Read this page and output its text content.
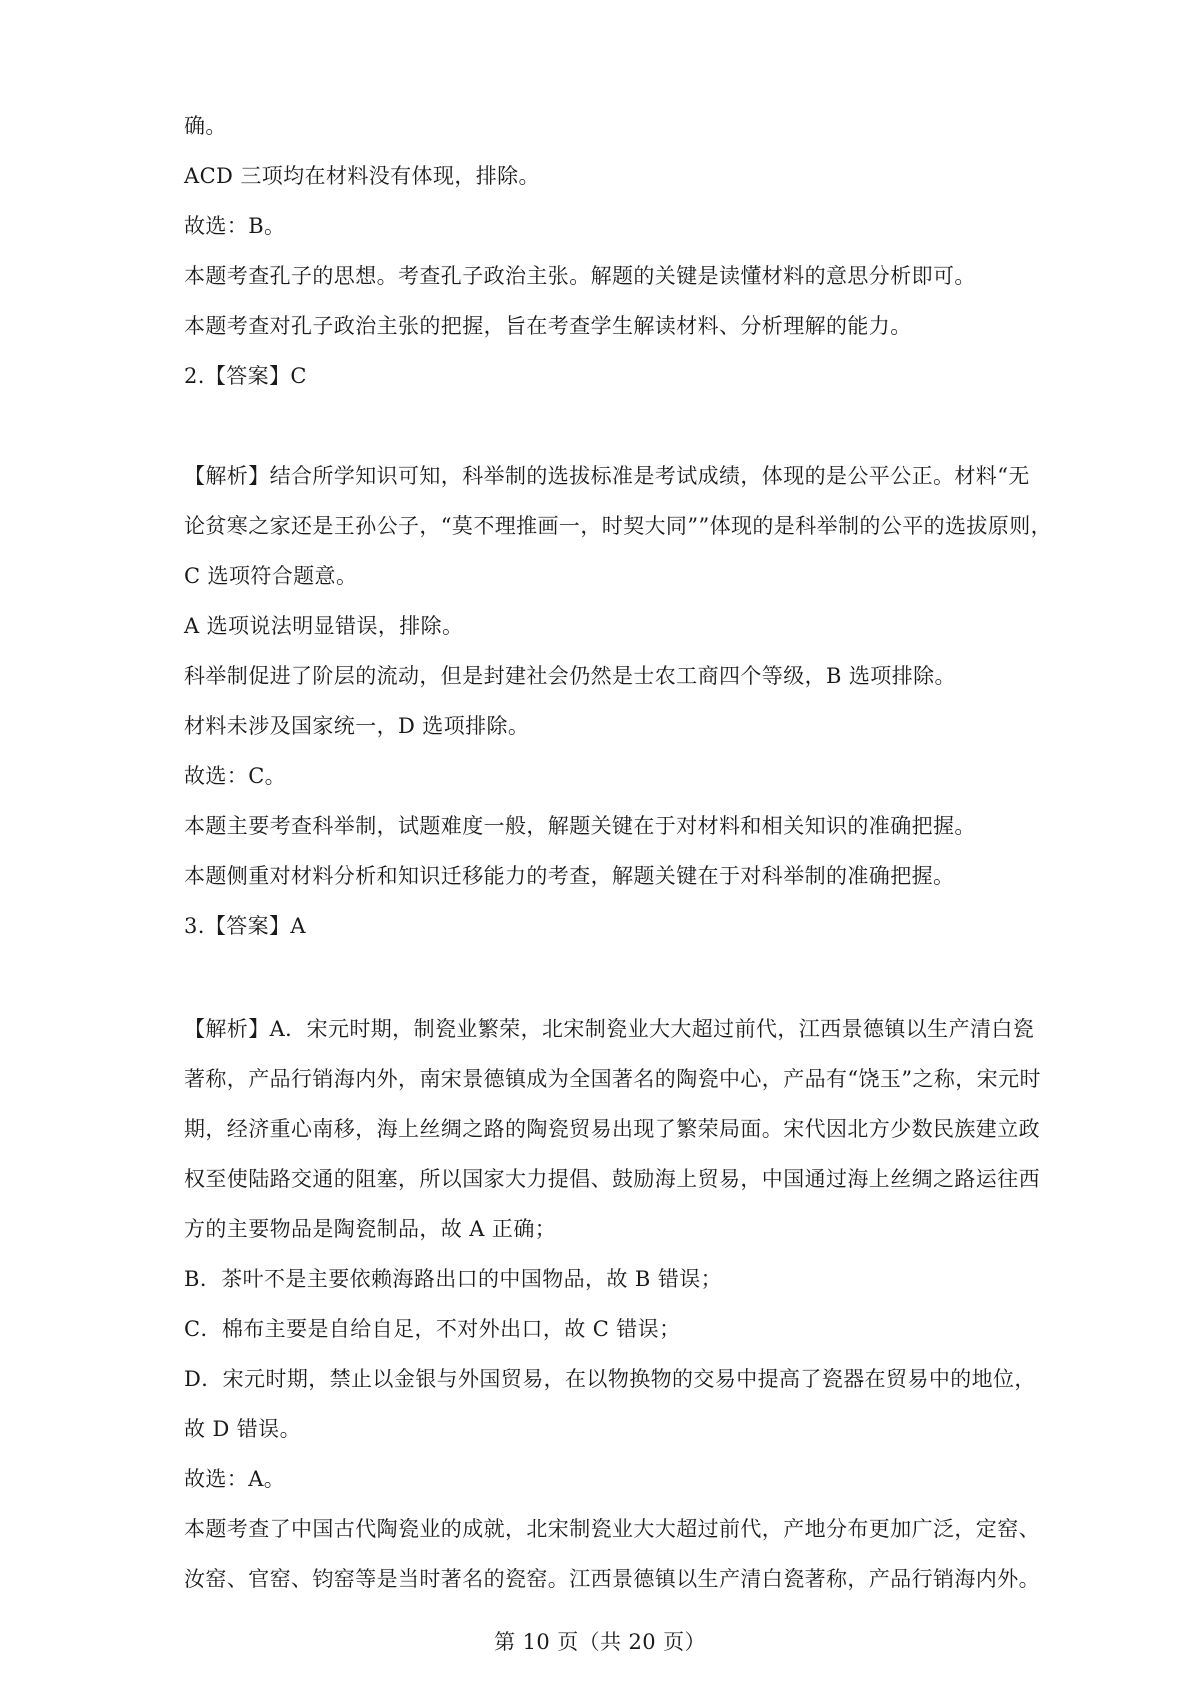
确。
ACD 三项均在材料没有体现，排除。
故选：B。
本题考查孔子的思想。考查孔子政治主张。解题的关键是读懂材料的意思分析即可。
本题考查对孔子政治主张的把握，旨在考查学生解读材料、分析理解的能力。
2.【答案】C
【解析】结合所学知识可知，科举制的选拔标准是考试成绩，体现的是公平公正。材料“无
论贫寒之家还是王孙公子，“莫不理推画一，时契大同””体现的是科举制的公平的选拔原则，
C 选项符合题意。
A 选项说法明显错误，排除。
科举制促进了阶层的流动，但是封建社会仍然是士农工商四个等级，B 选项排除。
材料未涉及国家统一，D 选项排除。
故选：C。
本题主要考查科举制，试题难度一般，解题关键在于对材料和相关知识的准确把握。
本题侧重对材料分析和知识迁移能力的考查，解题关键在于对科举制的准确把握。
3.【答案】A
【解析】A．宋元时期，制瓷业繁荣，北宋制瓷业大大超过前代，江西景德镇以生产清白瓷
著称，产品行销海内外，南宋景德镇成为全国著名的陶瓷中心，产品有“饶玉”之称，宋元时
期，经济重心南移，海上丝绸之路的陶瓷贸易出现了繁荣局面。宋代因北方少数民族建立政
权至使陆路交通的阻塞，所以国家大力提倡、鼓励海上贸易，中国通过海上丝绸之路运往西
方的主要物品是陶瓷制品，故 A 正确；
B．茶叶不是主要依赖海路出口的中国物品，故 B 错误；
C．棉布主要是自给自足，不对外出口，故 C 错误；
D．宋元时期，禁止以金银与外国贸易，在以物换物的交易中提高了瓷器在贸易中的地位，
故 D 错误。
故选：A。
本题考查了中国古代陶瓷业的成就，北宋制瓷业大大超过前代，产地分布更加广泛，定窑、
汝窑、官窑、钧窑等是当时著名的瓷窑。江西景德镇以生产清白瓷著称，产品行销海内外。
第 10 页（共 20 页）
